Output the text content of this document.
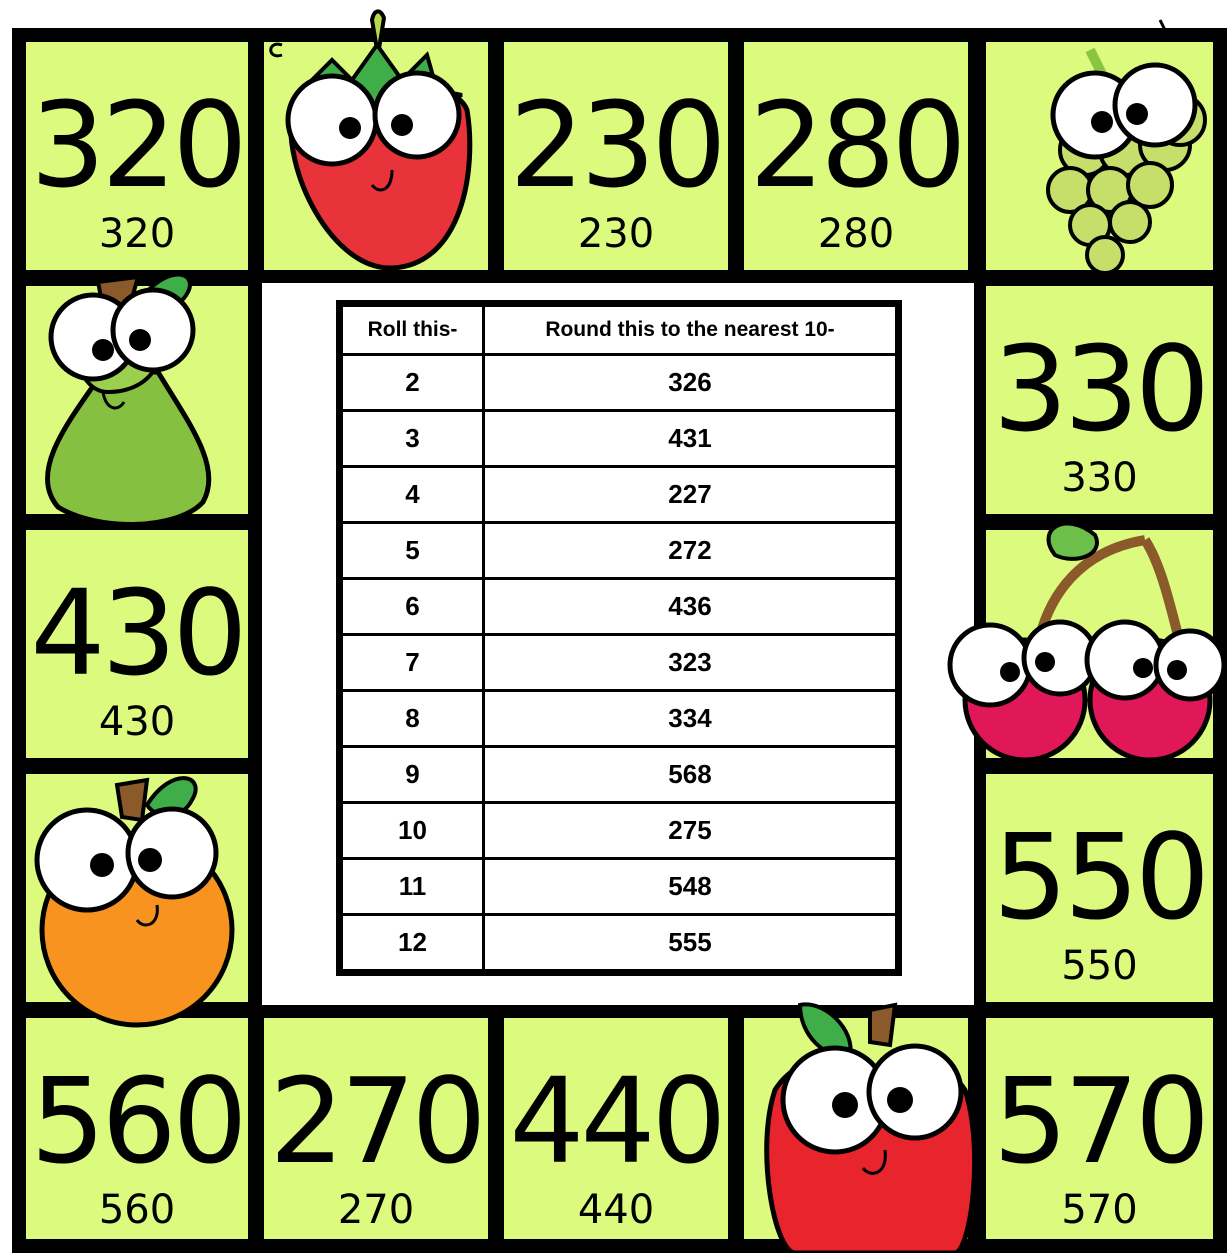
320
320
230
230
280
280
430
430
330
330
550
550
560
560
270
270
440
440
570
570
Roll this-	Round this to the nearest 10-
2	326
3	431
4	227
5	272
6	436
7	323
8	334
9	568
10	275
11	548
12	555
